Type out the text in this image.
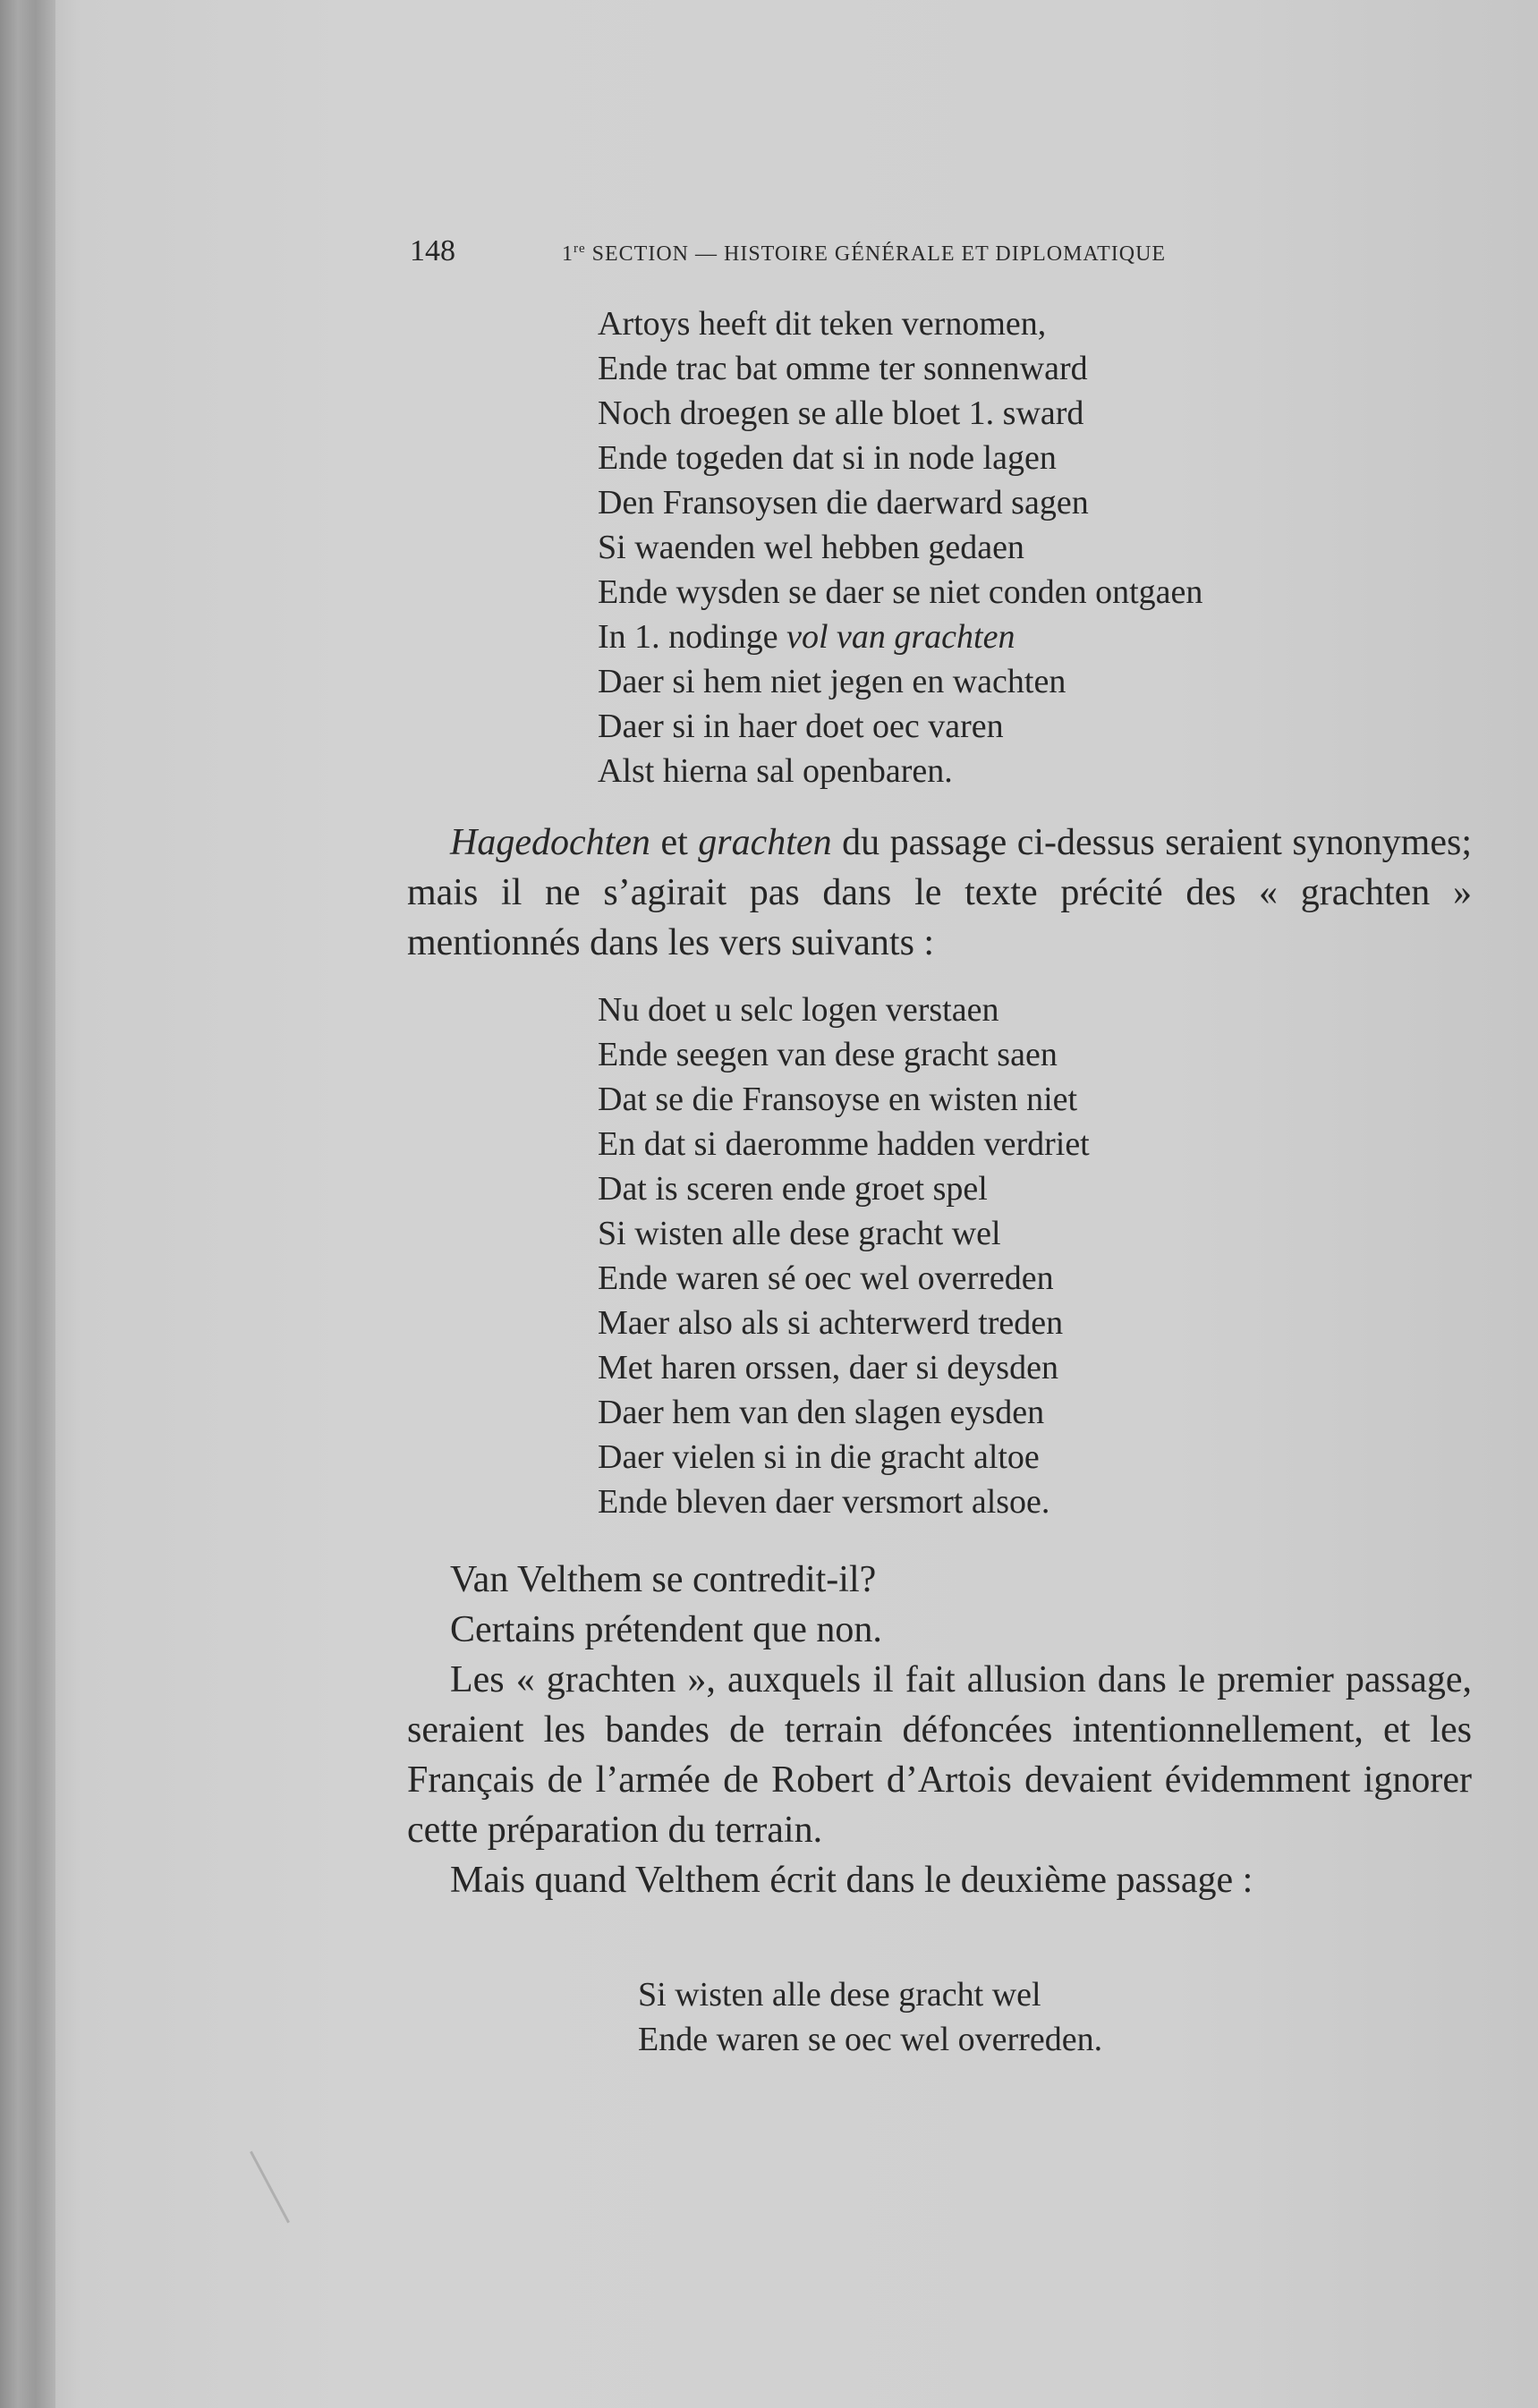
148	1re SECTION — HISTOIRE GÉNÉRALE ET DIPLOMATIQUE
Artoys heeft dit teken vernomen,
Ende trac bat omme ter sonnenward
Noch droegen se alle bloet 1. sward
Ende togeden dat si in node lagen
Den Fransoysen die daerward sagen
Si waenden wel hebben gedaen
Ende wysden se daer se niet conden ontgaen
In 1. nodinge vol van grachten
Daer si hem niet jegen en wachten
Daer si in haer doet oec varen
Alst hierna sal openbaren.

Hagedochten et grachten du passage ci-dessus seraient synonymes; mais il ne s’agirait pas dans le texte précité des « grachten » mentionnés dans les vers suivants :

Nu doet u selc logen verstaen
Ende seegen van dese gracht saen
Dat se die Fransoyse en wisten niet
En dat si daeromme hadden verdriet
Dat is sceren ende groet spel
Si wisten alle dese gracht wel
Ende waren sé oec wel overreden
Maer also als si achterwerd treden
Met haren orssen, daer si deysden
Daer hem van den slagen eysden
Daer vielen si in die gracht altoe
Ende bleven daer versmort alsoe.

Van Velthem se contredit-il?

Certains prétendent que non.

Les « grachten », auxquels il fait allusion dans le premier passage, seraient les bandes de terrain défoncées intentionnellement, et les Français de l’armée de Robert d’Artois devaient évidemment ignorer cette préparation du terrain.

Mais quand Velthem écrit dans le deuxième passage :

Si wisten alle dese gracht wel
Ende waren se oec wel overreden.
